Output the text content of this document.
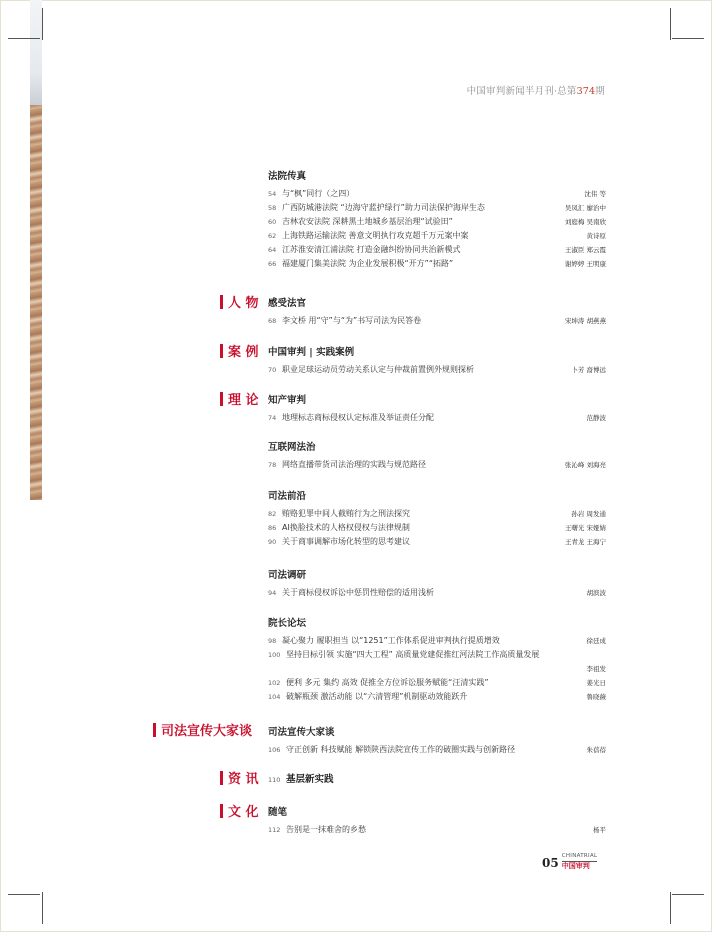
中国审判新闻半月刊·总第374期
人 物
案 例
理 论
司法宣传大家谈
资 讯
文 化
法院传真
54 与“枫”同行（之四）	沈伟 等
58 广西防城港法院 “边海守蓝护绿行”助力司法保护海岸生态	吴凤汇 廖治中
60 吉林农安法院 深耕黑土地城乡基层治理“试验田”	刘庭梅 吴南欣
62 上海铁路运输法院 善意文明执行攻克超千万元案中案	黄诗原
64 江苏淮安清江浦法院 打造金融纠纷协同共治新模式	王淑臣 郑云霞
66 福建厦门集美法院 为企业发展积极“开方”“拓路”	谢婷婷 王明康
感受法官
68 李文桥 用“守”与“为”书写司法为民答卷	宋坤涛 胡燕燕
中国审判 | 实践案例
70 职业足球运动员劳动关系认定与仲裁前置例外规则探析	卜芳 裔博远
知产审判
74 地理标志商标侵权认定标准及举证责任分配	范静波
互联网法治
78 网络直播带货司法治理的实践与规范路径	张沁峰 刘海亮
司法前沿
82 贿赂犯罪中间人截贿行为之刑法探究	孙岩 周发通
86 AI换脸技术的人格权侵权与法律规制	王曙光 宋娅婧
90 关于商事调解市场化转型的思考建议	王青龙 王海宁
司法调研
94 关于商标侵权诉讼中惩罚性赔偿的适用浅析	胡滨波
院长论坛
98 凝心聚力 履职担当 以“1251”工作体系促进审判执行提质增效	徐廷成
100 坚持目标引领 实施“四大工程” 高质量党建促推红河法院工作高质量发展
李祖发
102 便利 多元 集约 高效 促推全方位诉讼服务赋能“汪清实践”	姜光日
104 破解瓶颈 激活动能 以“六清管理”机制驱动效能跃升	鲁晓薇
司法宣传大家谈
106 守正创新 科技赋能 解锁陕西法院宣传工作的破圈实践与创新路径	朱蓓蓓
110 基层新实践
随笔
112 告别是一抹难舍的乡愁	杨平
05 CHINATRIAL
中国审判
